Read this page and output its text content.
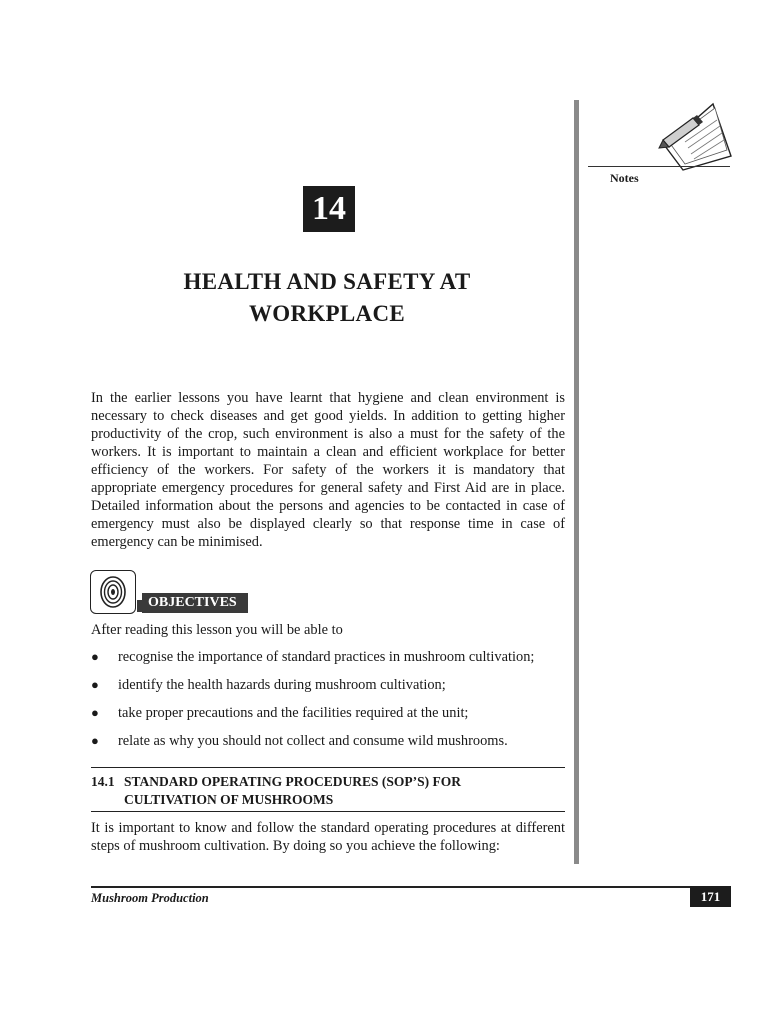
Notes
14
HEALTH AND SAFETY AT
WORKPLACE
In the earlier lessons you have learnt that hygiene and clean environment is necessary to check diseases and get good yields. In addition to getting higher productivity of the crop, such environment is also a must for the safety of the workers. It is important to maintain a clean and efficient workplace for better efficiency of the workers. For safety of the workers it is mandatory that appropriate emergency procedures for general safety and First Aid are in place. Detailed information about the persons and agencies to be contacted in case of emergency must also be displayed clearly so that response time in case of emergency can be minimised.
OBJECTIVES
After reading this lesson you will be able to
●	recognise the importance of standard practices in mushroom cultivation;
●	identify the health hazards during mushroom cultivation;
●	take proper precautions and the facilities required at the unit;
●	relate as why you should not collect and consume wild mushrooms.
14.1 STANDARD OPERATING PROCEDURES (SOP’S) FOR
CULTIVATION OF MUSHROOMS
It is important to know and follow the standard operating procedures at different steps of mushroom cultivation. By doing so you achieve the following:
Mushroom Production	171
